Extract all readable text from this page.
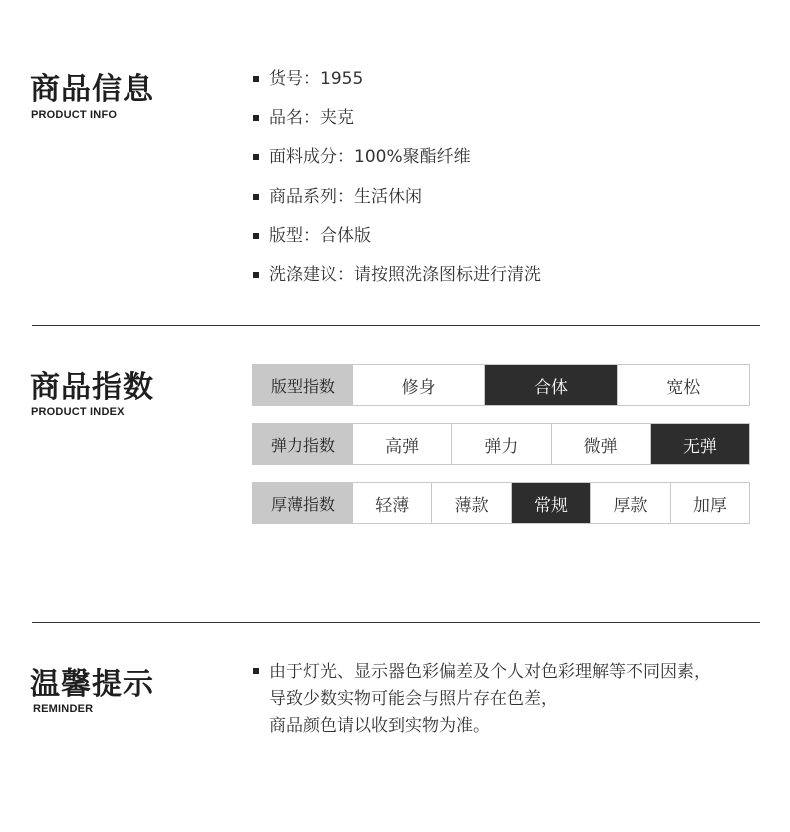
商品信息
PRODUCT INFO
货号：1955
品名：夹克
面料成分：100%聚酯纤维
商品系列：生活休闲
版型：合体版
洗涤建议：请按照洗涤图标进行清洗
商品指数
PRODUCT INDEX
版型指数	修身	合体	宽松
弹力指数	高弹	弹力	微弹	无弹
厚薄指数	轻薄	薄款	常规	厚款	加厚
温馨提示
REMINDER

由于灯光、显示器色彩偏差及个人对色彩理解等不同因素，

导致少数实物可能会与照片存在色差，

商品颜色请以收到实物为准。
